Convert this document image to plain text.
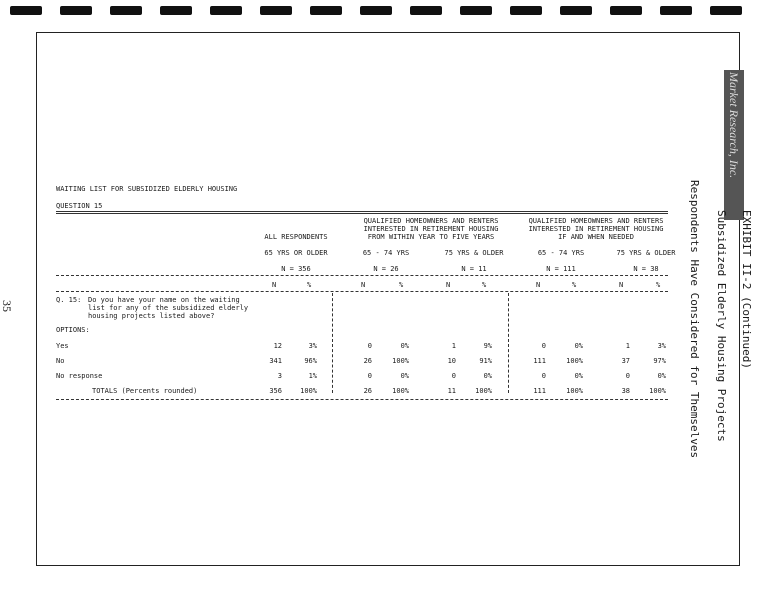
35
Market Research, Inc.
EXHIBIT II-2 (Continued)
Subsidized Elderly Housing Projects
Respondents Have Considered for Themselves
WAITING LIST FOR SUBSIDIZED ELDERLY HOUSING
QUESTION 15
ALL RESPONDENTS
QUALIFIED HOMEOWNERS AND RENTERS
INTERESTED IN RETIREMENT HOUSING
FROM WITHIN YEAR TO FIVE YEARS
QUALIFIED HOMEOWNERS AND RENTERS
INTERESTED IN RETIREMENT HOUSING
IF AND WHEN NEEDED
65 YRS OR OLDER	65 - 74 YRS	75 YRS & OLDER	65 - 74 YRS	75 YRS & OLDER
N = 356	N = 26	N = 11	N = 111	N = 38
N	%	N	%	N	%	N	%	N	%
Q. 15: Do you have your name on the waiting
list for any of the subsidized elderly
housing projects listed above?
OPTIONS:
Yes	12	3%	0	0%	1	9%	0	0%	1	3%
No	341	96%	26	100%	10	91%	111	100%	37	97%
No response	3	1%	0	0%	0	0%	0	0%	0	0%
TOTALS (Percents rounded)	356	100%	26	100%	11	100%	111	100%	38	100%
